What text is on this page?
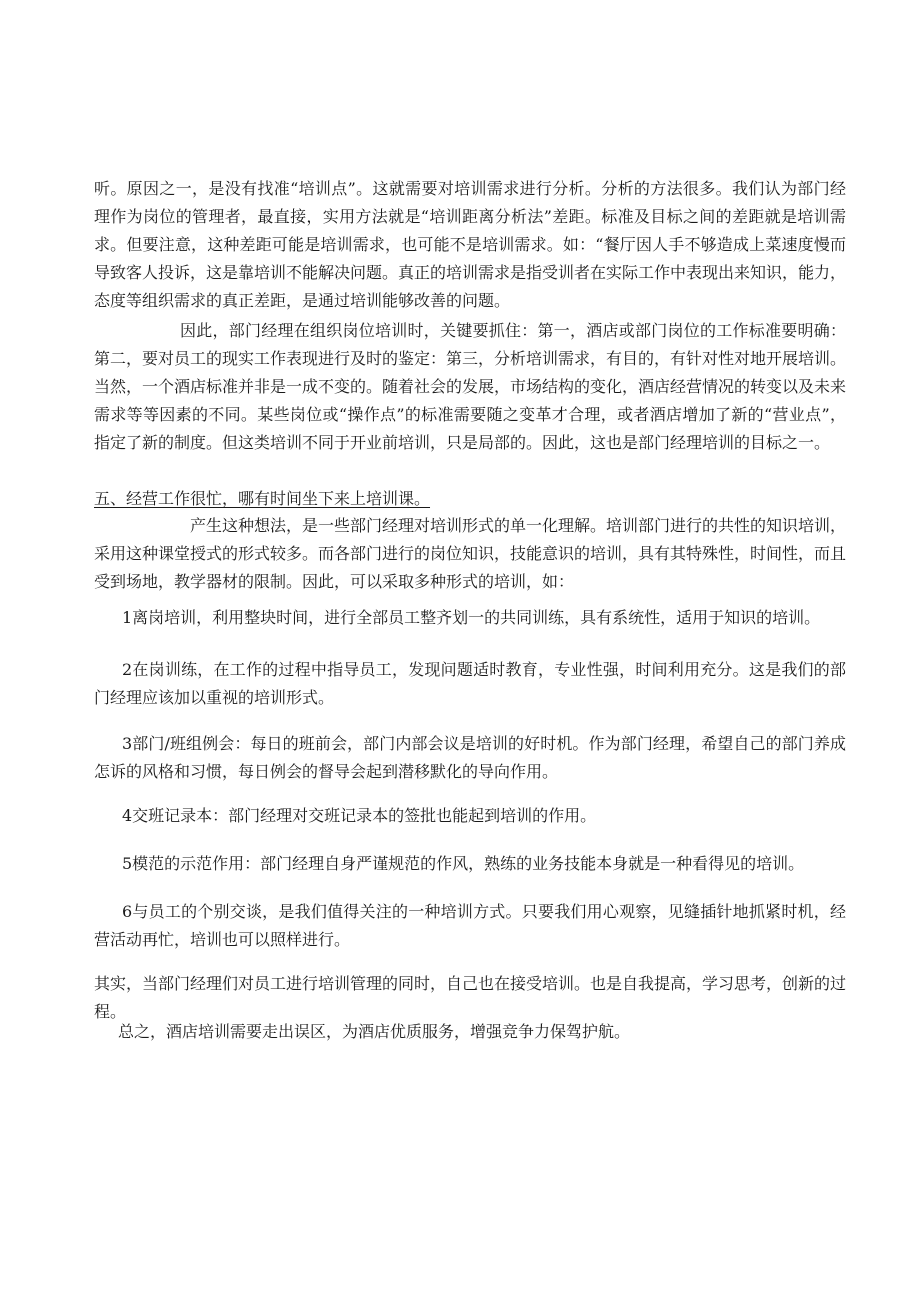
听。原因之一，是没有找准“培训点”。这就需要对培训需求进行分析。分析的方法很多。我们认为部门经理作为岗位的管理者，最直接，实用方法就是“培训距离分析法”差距。标准及目标之间的差距就是培训需求。但要注意，这种差距可能是培训需求，也可能不是培训需求。如：“餐厅因人手不够造成上菜速度慢而导致客人投诉，这是靠培训不能解决问题。真正的培训需求是指受训者在实际工作中表现出来知识，能力，态度等组织需求的真正差距，是通过培训能够改善的问题。

因此，部门经理在组织岗位培训时，关键要抓住：第一，酒店或部门岗位的工作标准要明确：第二，要对员工的现实工作表现进行及时的鉴定：第三，分析培训需求，有目的，有针对性对地开展培训。当然，一个酒店标准并非是一成不变的。随着社会的发展，市场结构的变化，酒店经营情况的转变以及未来需求等等因素的不同。某些岗位或“操作点”的标准需要随之变革才合理，或者酒店增加了新的“营业点”，指定了新的制度。但这类培训不同于开业前培训，只是局部的。因此，这也是部门经理培训的目标之一。

五、经营工作很忙，哪有时间坐下来上培训课。

产生这种想法，是一些部门经理对培训形式的单一化理解。培训部门进行的共性的知识培训，采用这种课堂授式的形式较多。而各部门进行的岗位知识，技能意识的培训，具有其特殊性，时间性，而且受到场地，教学器材的限制。因此，可以采取多种形式的培训，如：

1离岗培训，利用整块时间，进行全部员工整齐划一的共同训练，具有系统性，适用于知识的培训。

2在岗训练，在工作的过程中指导员工，发现问题适时教育，专业性强，时间利用充分。这是我们的部门经理应该加以重视的培训形式。

3部门/班组例会：每日的班前会，部门内部会议是培训的好时机。作为部门经理，希望自己的部门养成怎诉的风格和习惯，每日例会的督导会起到潜移默化的导向作用。

4交班记录本：部门经理对交班记录本的签批也能起到培训的作用。

5模范的示范作用：部门经理自身严谨规范的作风，熟练的业务技能本身就是一种看得见的培训。

6与员工的个别交谈，是我们值得关注的一种培训方式。只要我们用心观察，见缝插针地抓紧时机，经营活动再忙，培训也可以照样进行。

其实，当部门经理们对员工进行培训管理的同时，自己也在接受培训。也是自我提高，学习思考，创新的过程。

总之，酒店培训需要走出误区，为酒店优质服务，增强竞争力保驾护航。
